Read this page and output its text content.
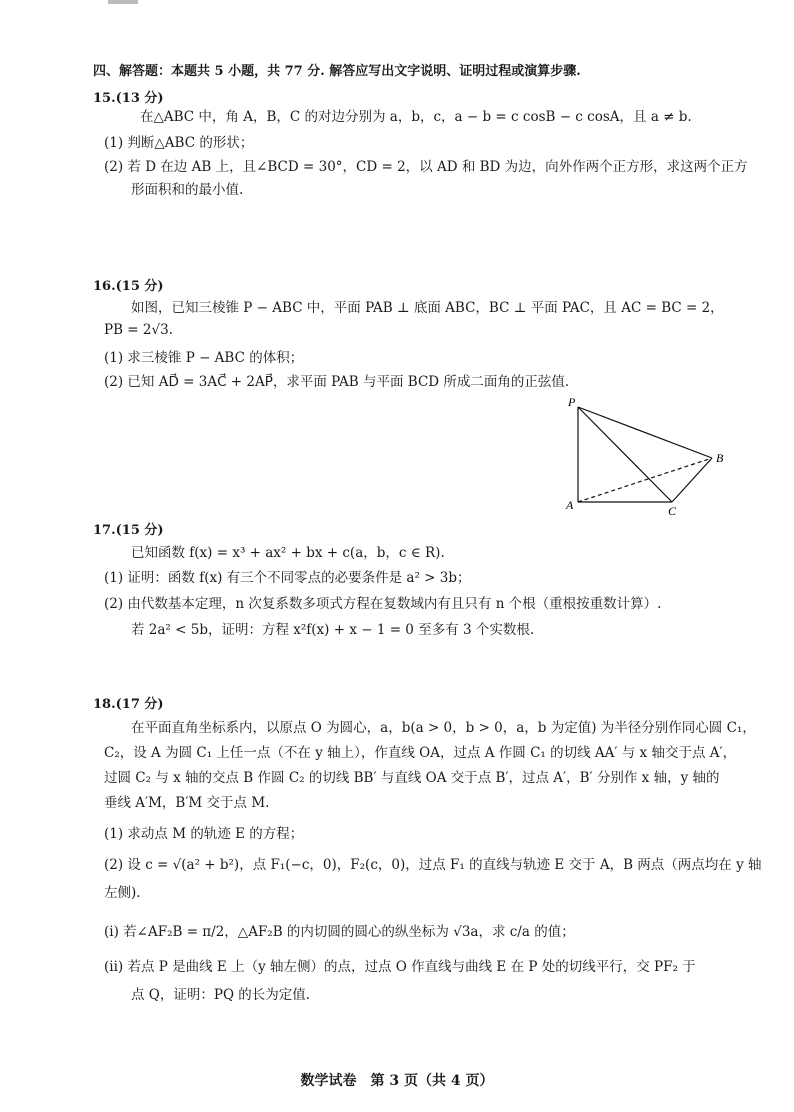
四、解答题：本题共 5 小题，共 77 分. 解答应写出文字说明、证明过程或演算步骤.
15.(13 分)
在△ABC 中，角 A，B，C 的对边分别为 a，b，c，a − b = c cosB − c cosA，且 a ≠ b.
(1) 判断△ABC 的形状；
(2) 若 D 在边 AB 上，且∠BCD = 30°，CD = 2，以 AD 和 BD 为边，向外作两个正方形，求这两个正方
形面积和的最小值.
16.(15 分)
如图，已知三棱锥 P − ABC 中，平面 PAB ⊥ 底面 ABC，BC ⊥ 平面 PAC，且 AC = BC = 2，
PB = 2√3.
(1) 求三棱锥 P − ABC 的体积；
(2) 已知 AD⃗ = 3AC⃗ + 2AP⃗，求平面 PAB 与平面 BCD 所成二面角的正弦值.
P
A
B
C
17.(15 分)
已知函数 f(x) = x³ + ax² + bx + c(a，b，c ∈ R).
(1) 证明：函数 f(x) 有三个不同零点的必要条件是 a² > 3b；
(2) 由代数基本定理，n 次复系数多项式方程在复数域内有且只有 n 个根（重根按重数计算）.
若 2a² < 5b，证明：方程 x²f(x) + x − 1 = 0 至多有 3 个实数根.
18.(17 分)
在平面直角坐标系内，以原点 O 为圆心，a，b(a > 0，b > 0，a，b 为定值) 为半径分别作同心圆 C₁，
C₂，设 A 为圆 C₁ 上任一点（不在 y 轴上），作直线 OA，过点 A 作圆 C₁ 的切线 AA′ 与 x 轴交于点 A′，
过圆 C₂ 与 x 轴的交点 B 作圆 C₂ 的切线 BB′ 与直线 OA 交于点 B′，过点 A′，B′ 分别作 x 轴，y 轴的
垂线 A′M，B′M 交于点 M.
(1) 求动点 M 的轨迹 E 的方程；
(2) 设 c = √(a² + b²)，点 F₁(−c，0)，F₂(c，0)，过点 F₁ 的直线与轨迹 E 交于 A，B 两点（两点均在 y 轴
左侧).
(i) 若∠AF₂B = π/2，△AF₂B 的内切圆的圆心的纵坐标为 √3a，求 c/a 的值；
(ii) 若点 P 是曲线 E 上（y 轴左侧）的点，过点 O 作直线与曲线 E 在 P 处的切线平行，交 PF₂ 于
点 Q，证明：PQ 的长为定值.
数学试卷　第 3 页（共 4 页）
